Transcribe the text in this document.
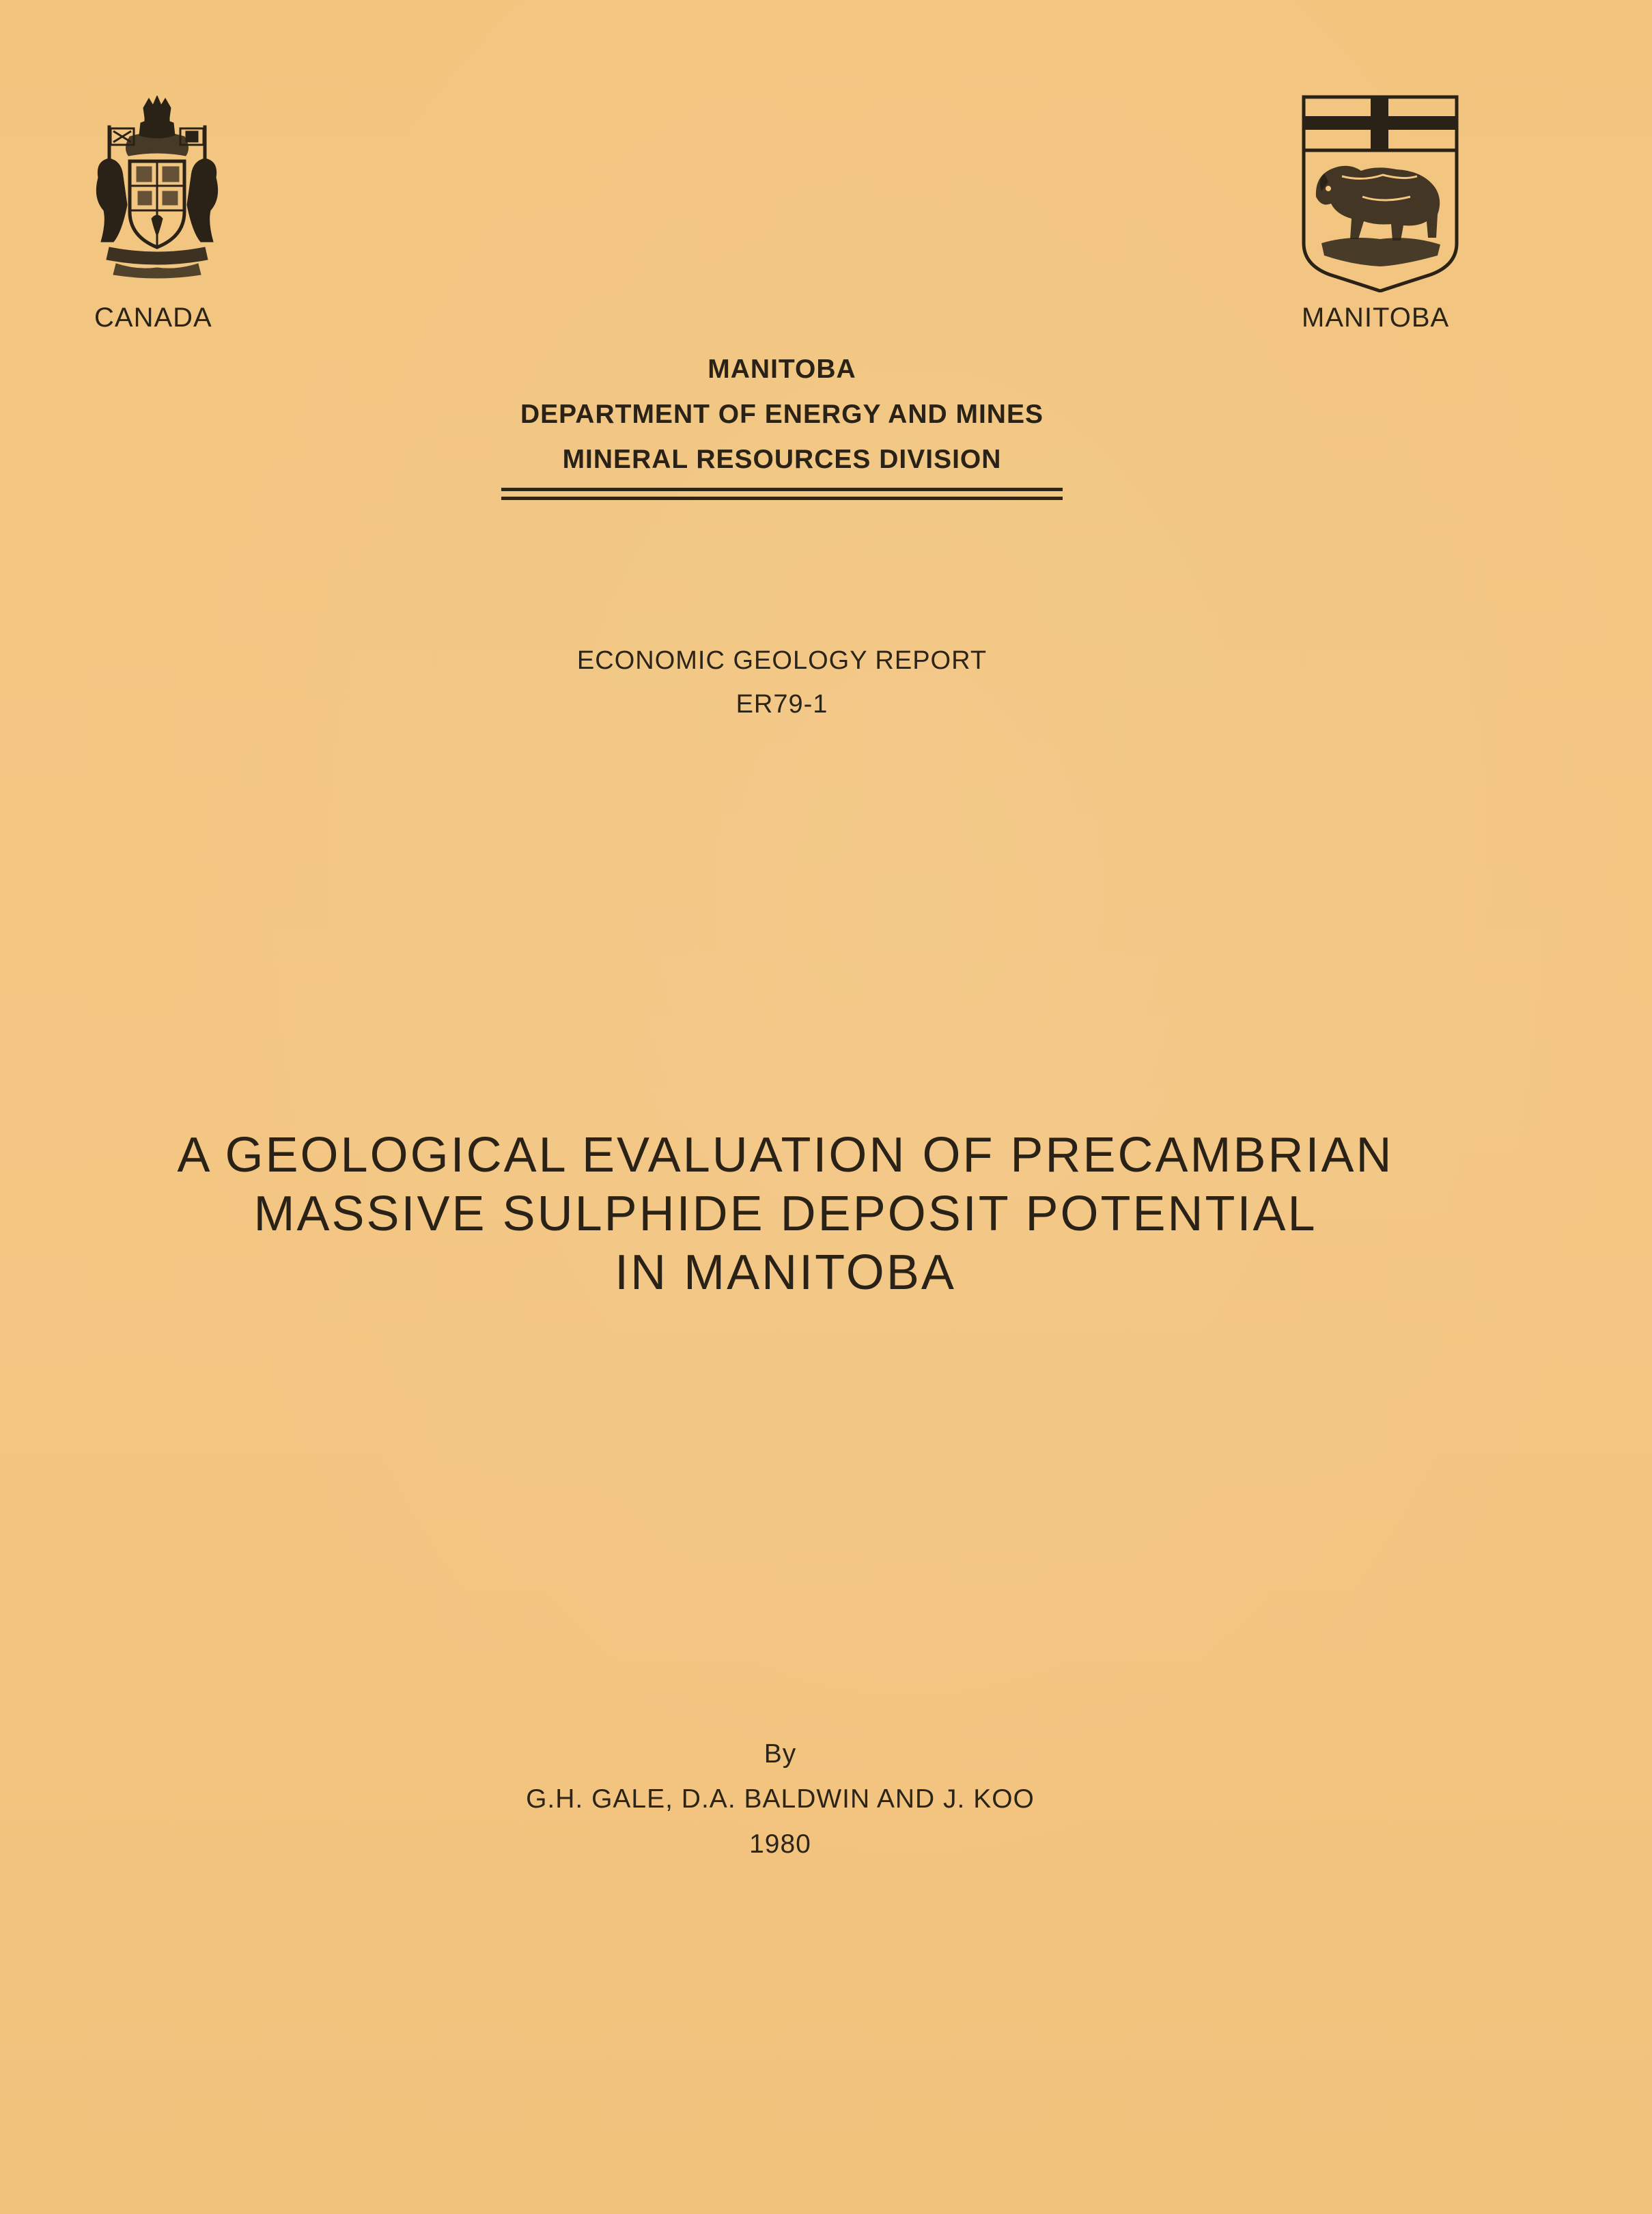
CANADA	MANITOBA
MANITOBA
DEPARTMENT OF ENERGY AND MINES
MINERAL RESOURCES DIVISION
ECONOMIC GEOLOGY REPORT
ER79-1
A GEOLOGICAL EVALUATION OF PRECAMBRIAN
MASSIVE SULPHIDE DEPOSIT POTENTIAL
IN MANITOBA
By
G.H. GALE, D.A. BALDWIN AND J. KOO
1980
